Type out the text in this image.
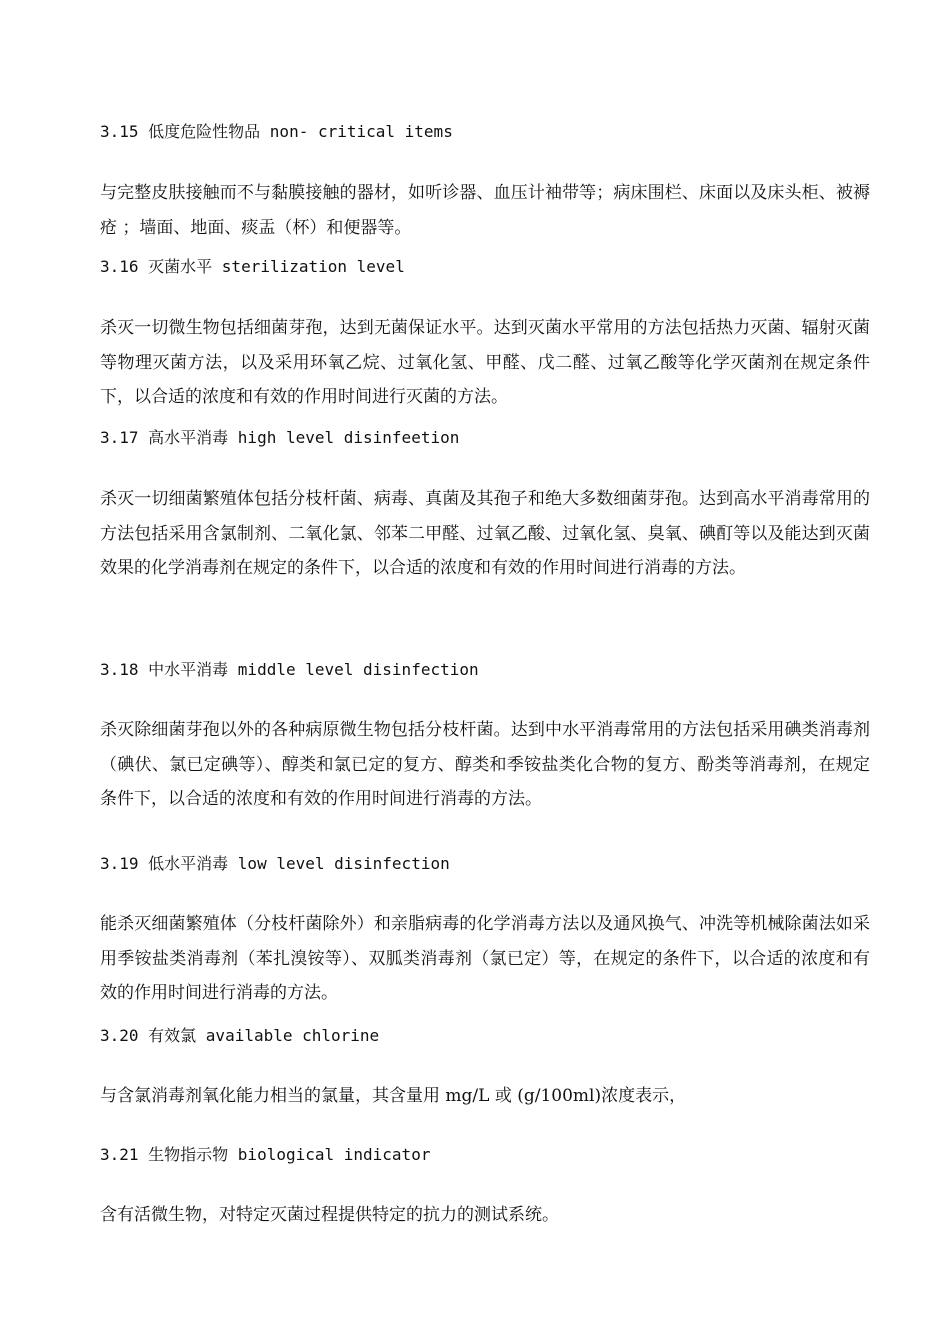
3.15 低度危险性物品 non- critical items
与完整皮肤接触而不与黏膜接触的器材，如听诊器、血压计袖带等；病床围栏、床面以及床头柜、被褥疮 ；墙面、地面、痰盂（杯）和便器等。
3.16 灭菌水平 sterilization level
杀灭一切微生物包括细菌芽孢，达到无菌保证水平。达到灭菌水平常用的方法包括热力灭菌、辐射灭菌等物理灭菌方法，以及采用环氧乙烷、过氧化氢、甲醛、戊二醛、过氧乙酸等化学灭菌剂在规定条件下，以合适的浓度和有效的作用时间进行灭菌的方法。
3.17 高水平消毒 high level disinfeetion
杀灭一切细菌繁殖体包括分枝杆菌、病毒、真菌及其孢子和绝大多数细菌芽孢。达到高水平消毒常用的方法包括采用含氯制剂、二氧化氯、邻苯二甲醛、过氧乙酸、过氧化氢、臭氧、碘酊等以及能达到灭菌效果的化学消毒剂在规定的条件下，以合适的浓度和有效的作用时间进行消毒的方法。
3.18 中水平消毒 middle level disinfection
杀灭除细菌芽孢以外的各种病原微生物包括分枝杆菌。达到中水平消毒常用的方法包括采用碘类消毒剂（碘伏、氯已定碘等）、醇类和氯已定的复方、醇类和季铵盐类化合物的复方、酚类等消毒剂，在规定条件下，以合适的浓度和有效的作用时间进行消毒的方法。
3.19 低水平消毒 low level disinfection
能杀灭细菌繁殖体（分枝杆菌除外）和亲脂病毒的化学消毒方法以及通风换气、冲洗等机械除菌法如采用季铵盐类消毒剂（苯扎溴铵等）、双胍类消毒剂（氯已定）等，在规定的条件下，以合适的浓度和有效的作用时间进行消毒的方法。
3.20 有效氯 available chlorine
与含氯消毒剂氧化能力相当的氯量，其含量用 mg/L 或 (g/100ml)浓度表示，
3.21 生物指示物 biological indicator
含有活微生物，对特定灭菌过程提供特定的抗力的测试系统。
